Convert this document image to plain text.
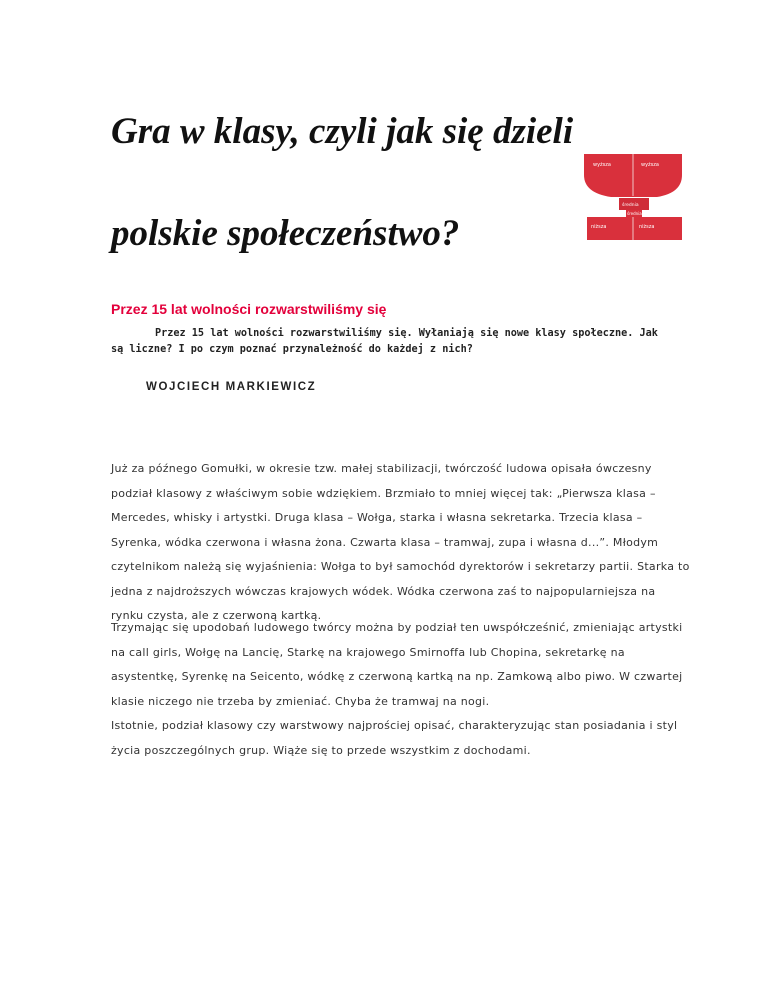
Gra w klasy, czyli jak się dzieli
polskie społeczeństwo?
wyższa	wyższa
średnia
średnia
niższa	niższa
Przez 15 lat wolności rozwarstwiliśmy się

Przez 15 lat wolności rozwarstwiliśmy się. Wyłaniają się nowe klasy społeczne. Jak są liczne? I po czym poznać przynależność do każdej z nich?

WOJCIECH MARKIEWICZ

Już za późnego Gomułki, w okresie tzw. małej stabilizacji, twórczość ludowa opisała ówczesny podział klasowy z właściwym sobie wdziękiem. Brzmiało to mniej więcej tak: „Pierwsza klasa – Mercedes, whisky i artystki. Druga klasa – Wołga, starka i własna sekretarka. Trzecia klasa – Syrenka, wódka czerwona i własna żona. Czwarta klasa – tramwaj, zupa i własna d...”. Młodym czytelnikom należą się wyjaśnienia: Wołga to był samochód dyrektorów i sekretarzy partii. Starka to jedna z najdroższych wówczas krajowych wódek. Wódka czerwona zaś to najpopularniejsza na rynku czysta, ale z czerwoną kartką.

Trzymając się upodobań ludowego twórcy można by podział ten uwspółcześnić, zmieniając artystki na call girls, Wołgę na Lancię, Starkę na krajowego Smirnoffa lub Chopina, sekretarkę na asystentkę, Syrenkę na Seicento, wódkę z czerwoną kartką na np. Zamkową albo piwo. W czwartej klasie niczego nie trzeba by zmieniać. Chyba że tramwaj na nogi.

Istotnie, podział klasowy czy warstwowy najprościej opisać, charakteryzując stan posiadania i styl życia poszczególnych grup. Wiąże się to przede wszystkim z dochodami.
